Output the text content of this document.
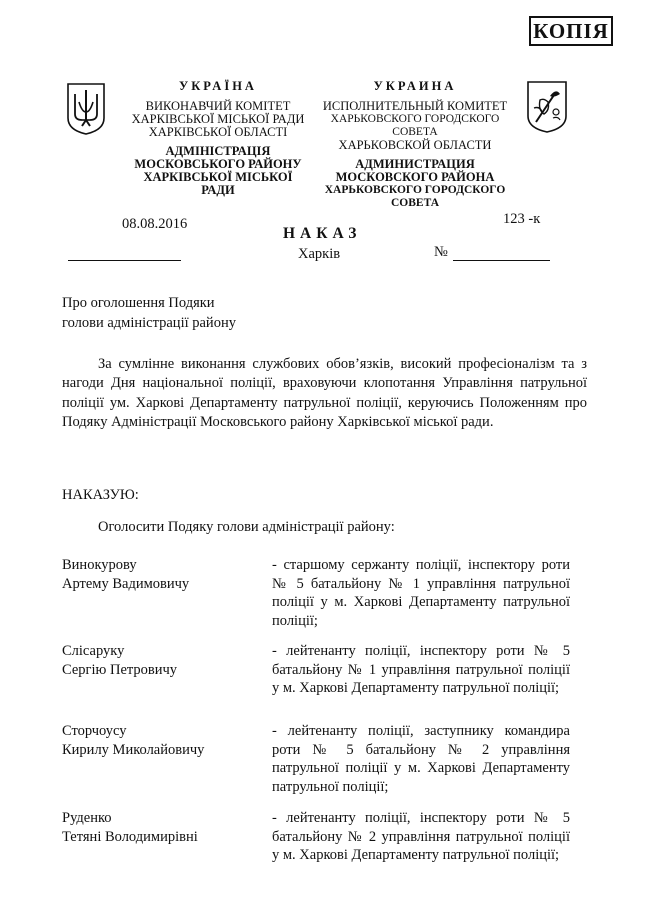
КОПІЯ
УКРАЇНА
ВИКОНАВЧИЙ КОМІТЕТ
ХАРКІВСЬКОЇ МІСЬКОЇ РАДИ
ХАРКІВСЬКОЇ ОБЛАСТІ
АДМІНІСТРАЦІЯ
МОСКОВСЬКОГО РАЙОНУ
ХАРКІВСЬКОЇ МІСЬКОЇ РАДИ
УКРАИНА
ИСПОЛНИТЕЛЬНЫЙ КОМИТЕТ
ХАРЬКОВСКОГО ГОРОДСКОГО СОВЕТА
ХАРЬКОВСКОЙ ОБЛАСТИ
АДМИНИСТРАЦИЯ
МОСКОВСКОГО РАЙОНА
ХАРЬКОВСКОГО ГОРОДСКОГО СОВЕТА
08.08.2016
НАКАЗ
Харків
123 -к
№
Про оголошення Подяки
голови адміністрації району
За сумлінне виконання службових обов’язків, високий професіоналізм та з нагоди Дня національної поліції, враховуючи клопотання Управління патрульної поліції ум. Харкові Департаменту патрульної поліції, керуючись Положенням про Подяку Адміністрації Московського району Харківської міської ради.
НАКАЗУЮ:
Оголосити Подяку голови адміністрації району:
Винокурову
Артему Вадимовичу
- старшому сержанту поліції, інспектору роти № 5 батальйону № 1 управління патрульної поліції у м. Харкові Департаменту патрульної поліції;
Слісаруку
Сергію Петровичу
- лейтенанту поліції, інспектору роти № 5 батальйону № 1 управління патрульної поліції у м. Харкові Департаменту патрульної поліції;
Сторчоусу
Кирилу Миколайовичу
- лейтенанту поліції, заступнику командира роти № 5 батальйону № 2 управління патрульної поліції у м. Харкові Департаменту патрульної поліції;
Руденко
Тетяні Володимирівні
- лейтенанту поліції, інспектору роти № 5 батальйону № 2 управління патрульної поліції у м. Харкові Департаменту патрульної поліції;
